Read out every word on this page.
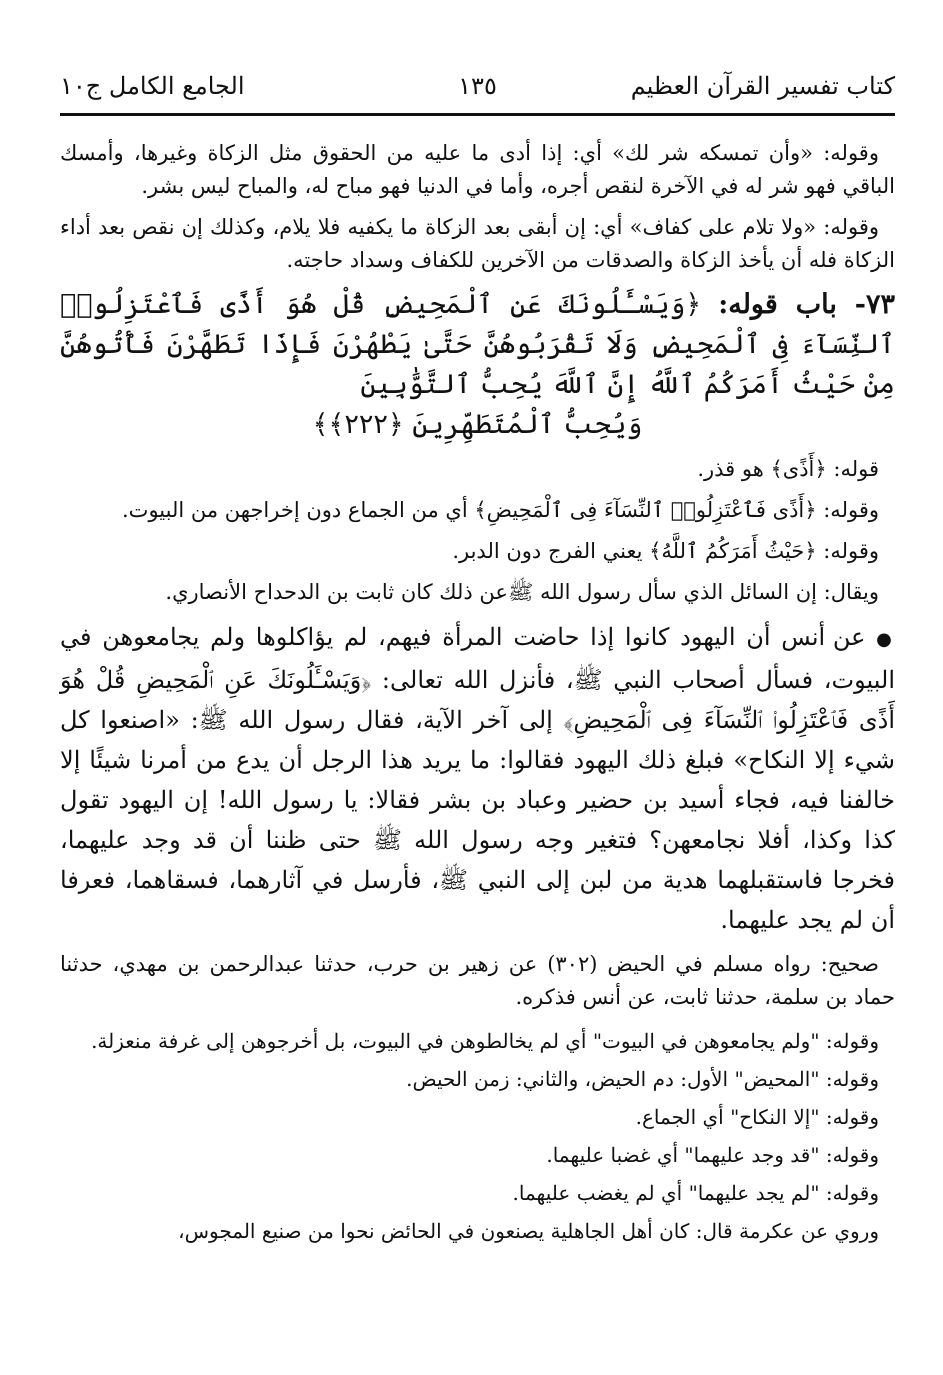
كتاب تفسير القرآن العظيم
١٣٥
الجامع الكامل ج١٠

وقوله: «وأن تمسكه شر لك» أي: إذا أدى ما عليه من الحقوق مثل الزكاة وغيرها، وأمسك الباقي فهو شر له في الآخرة لنقص أجره، وأما في الدنيا فهو مباح له، والمباح ليس بشر.

وقوله: «ولا تلام على كفاف» أي: إن أبقى بعد الزكاة ما يكفيه فلا يلام، وكذلك إن نقص بعد أداء الزكاة فله أن يأخذ الزكاة والصدقات من الآخرين للكفاف وسداد حاجته.

٧٣- باب قوله: ﴿وَيَسْـَٔلُونَكَ عَنِ ٱلْمَحِيضِ قُلْ هُوَ أَذًى فَٱعْتَزِلُوا۟ ٱلنِّسَآءَ فِى ٱلْمَحِيضِ وَلَا تَقْرَبُوهُنَّ حَتَّىٰ يَطْهُرْنَ فَإِذَا تَطَهَّرْنَ فَأْتُوهُنَّ مِنْ حَيْثُ أَمَرَكُمُ ٱللَّهُ إِنَّ ٱللَّهَ يُحِبُّ ٱلتَّوَّٰبِينَ
وَيُحِبُّ ٱلْمُتَطَهِّرِينَ ﴿٢٢٢﴾﴾

قوله: ﴿أَذًى﴾ هو قذر.

وقوله: ﴿أَذًى فَٱعْتَزِلُوا۟ ٱلنِّسَآءَ فِى ٱلْمَحِيضِ﴾ أي من الجماع دون إخراجهن من البيوت.

وقوله: ﴿حَيْثُ أَمَرَكُمُ ٱللَّهُ﴾ يعني الفرج دون الدبر.

ويقال: إن السائل الذي سأل رسول الله ﷺعن ذلك كان ثابت بن الدحداح الأنصاري.

● عن أنس أن اليهود كانوا إذا حاضت المرأة فيهم، لم يؤاكلوها ولم يجامعوهن في البيوت، فسأل أصحاب النبي ﷺ، فأنزل الله تعالى: ﴿وَيَسْـَٔلُونَكَ عَنِ ٱلْمَحِيضِ قُلْ هُوَ أَذًى فَٱعْتَزِلُوا۟ ٱلنِّسَآءَ فِى ٱلْمَحِيضِ﴾ إلى آخر الآية، فقال رسول الله ﷺ: «اصنعوا كل شيء إلا النكاح» فبلغ ذلك اليهود فقالوا: ما يريد هذا الرجل أن يدع من أمرنا شيئًا إلا خالفنا فيه، فجاء أسيد بن حضير وعباد بن بشر فقالا: يا رسول الله! إن اليهود تقول كذا وكذا، أفلا نجامعهن؟ فتغير وجه رسول الله ﷺ حتى ظننا أن قد وجد عليهما، فخرجا فاستقبلهما هدية من لبن إلى النبي ﷺ، فأرسل في آثارهما، فسقاهما، فعرفا أن لم يجد عليهما.

صحيح: رواه مسلم في الحيض (٣٠٢) عن زهير بن حرب، حدثنا عبدالرحمن بن مهدي، حدثنا حماد بن سلمة، حدثنا ثابت، عن أنس فذكره.

وقوله: "ولم يجامعوهن في البيوت" أي لم يخالطوهن في البيوت، بل أخرجوهن إلى غرفة منعزلة.

وقوله: "المحيض" الأول: دم الحيض، والثاني: زمن الحيض.

وقوله: "إلا النكاح" أي الجماع.

وقوله: "قد وجد عليهما" أي غضبا عليهما.

وقوله: "لم يجد عليهما" أي لم يغضب عليهما.

وروي عن عكرمة قال: كان أهل الجاهلية يصنعون في الحائض نحوا من صنيع المجوس،
